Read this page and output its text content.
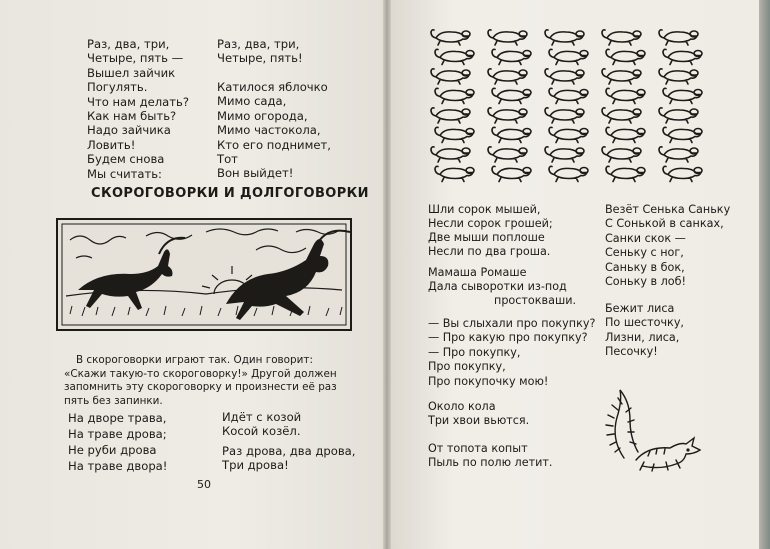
Раз, два, три,
Четыре, пять —
Вышел зайчик
Погулять.
Что нам делать?
Как нам быть?
Надо зайчика
Ловить!
Будем снова
Мы считать:
Раз, два, три,
Четыре, пять!
Катилося яблочко
Мимо сада,
Мимо огорода,
Мимо частокола,
Кто его поднимет,
Тот
Вон выйдет!
СКОРОГОВОРКИ И ДОЛГОГОВОРКИ

В скороговорки играют так. Один говорит: «Скажи такую-то скороговорку!» Другой должен запомнить эту скороговорку и произнести её раз пять без запинки.

На дворе трава,
На траве дрова;
Не руби дрова
На траве двора!
Идёт с козой
Косой козёл.
Раз дрова, два дрова,
Три дрова!
50
Шли сорок мышей,
Несли сорок грошей;
Две мыши поплоше
Несли по два гроша.
Мамаша Ромаше
Дала сыворотки из-под
простокваши.
— Вы слыхали про покупку?
— Про какую про покупку?
— Про покупку,
Про покупку,
Про покупочку мою!
Около кола
Три хвои вьются.
От топота копыт
Пыль по полю летит.
Везёт Сенька Саньку
С Сонькой в санках,
Санки скок —
Сеньку с ног,
Саньку в бок,
Соньку в лоб!
Бежит лиса
По шесточку,
Лизни, лиса,
Песочку!
